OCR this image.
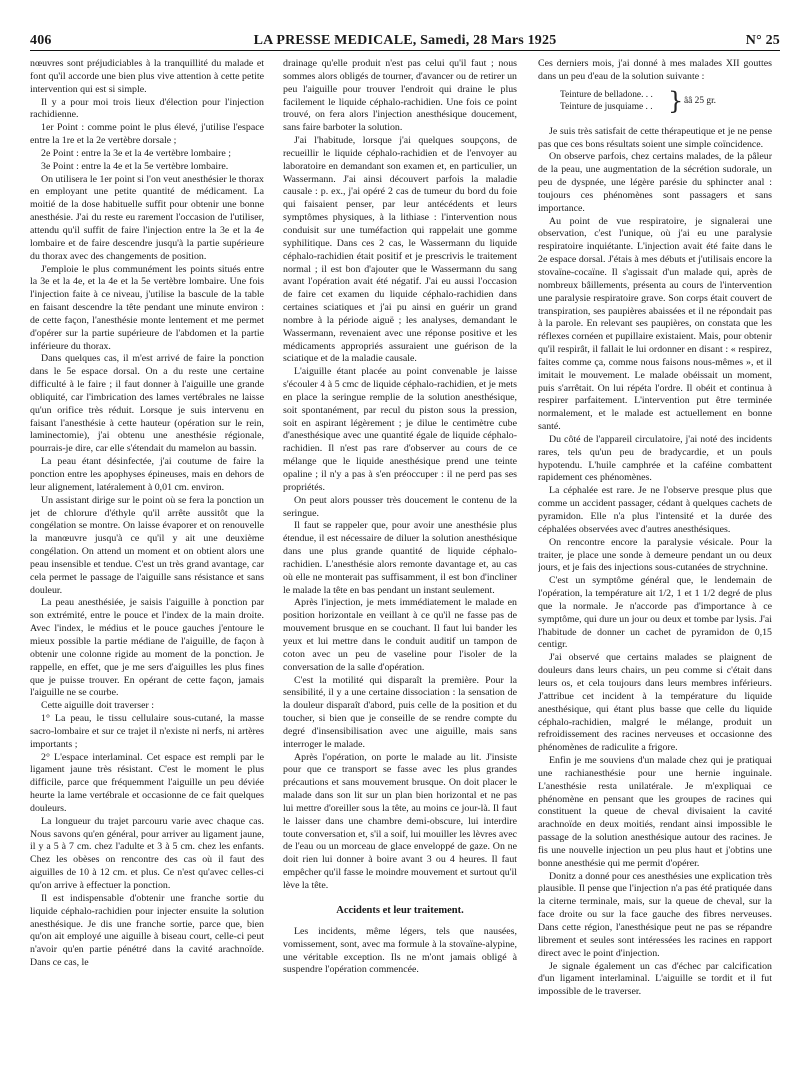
406	LA PRESSE MEDICALE, Samedi, 28 Mars 1925	N° 25

nœuvres sont préjudiciables à la tranquillité du malade et font qu'il accorde une bien plus vive attention à cette petite intervention qui est si simple.

Il y a pour moi trois lieux d'élection pour l'injection rachidienne.

1er Point : comme point le plus élevé, j'utilise l'espace entre la 1re et la 2e vertèbre dorsale ;

2e Point : entre la 3e et la 4e vertèbre lombaire ;

3e Point : entre la 4e et la 5e vertèbre lombaire.

On utilisera le 1er point si l'on veut anesthésier le thorax en employant une petite quantité de médicament. La moitié de la dose habituelle suffit pour obtenir une bonne anesthésie. J'ai du reste eu rarement l'occasion de l'utiliser, attendu qu'il suffit de faire l'injection entre la 3e et la 4e lombaire et de faire descendre jusqu'à la partie supérieure du thorax avec des changements de position.

J'emploie le plus communément les points situés entre la 3e et la 4e, et la 4e et la 5e vertèbre lombaire. Une fois l'injection faite à ce niveau, j'utilise la bascule de la table en faisant descendre la tête pendant une minute environ : de cette façon, l'anesthésie monte lentement et me permet d'opérer sur la partie supérieure de l'abdomen et la partie inférieure du thorax.

Dans quelques cas, il m'est arrivé de faire la ponction dans le 5e espace dorsal. On a du reste une certaine difficulté à le faire ; il faut donner à l'aiguille une grande obliquité, car l'imbrication des lames vertébrales ne laisse qu'un orifice très réduit. Lorsque je suis intervenu en faisant l'anesthésie à cette hauteur (opération sur le rein, laminectomie), j'ai obtenu une anesthésie régionale, pourrais-je dire, car elle s'étendait du mamelon au bassin.

La peau étant désinfectée, j'ai coutume de faire la ponction entre les apophyses épineuses, mais en dehors de leur alignement, latéralement à 0,01 cm. environ.

Un assistant dirige sur le point où se fera la ponction un jet de chlorure d'éthyle qu'il arrête aussitôt que la congélation se montre. On laisse évaporer et on renouvelle la manœuvre jusqu'à ce qu'il y ait une deuxième congélation. On attend un moment et on obtient alors une peau insensible et tendue. C'est un très grand avantage, car cela permet le passage de l'aiguille sans résistance et sans douleur.

La peau anesthésiée, je saisis l'aiguille à ponction par son extrémité, entre le pouce et l'index de la main droite. Avec l'index, le médius et le pouce gauches j'entoure le mieux possible la partie médiane de l'aiguille, de façon à obtenir une colonne rigide au moment de la ponction. Je rappelle, en effet, que je me sers d'aiguilles les plus fines que je puisse trouver. En opérant de cette façon, jamais l'aiguille ne se courbe.

Cette aiguille doit traverser :

1° La peau, le tissu cellulaire sous-cutané, la masse sacro-lombaire et sur ce trajet il n'existe ni nerfs, ni artères importants ;

2° L'espace interlaminal. Cet espace est rempli par le ligament jaune très résistant. C'est le moment le plus difficile, parce que fréquemment l'aiguille un peu déviée heurte la lame vertébrale et occasionne de ce fait quelques douleurs.

La longueur du trajet parcouru varie avec chaque cas. Nous savons qu'en général, pour arriver au ligament jaune, il y a 5 à 7 cm. chez l'adulte et 3 à 5 cm. chez les enfants. Chez les obèses on rencontre des cas où il faut des aiguilles de 10 à 12 cm. et plus. Ce n'est qu'avec celles-ci qu'on arrive à effectuer la ponction.

Il est indispensable d'obtenir une franche sortie du liquide céphalo-rachidien pour injecter ensuite la solution anesthésique. Je dis une franche sortie, parce que, bien qu'on ait employé une aiguille à biseau court, celle-ci peut n'avoir qu'en partie pénétré dans la cavité arachnoïde. Dans ce cas, le

drainage qu'elle produit n'est pas celui qu'il faut ; nous sommes alors obligés de tourner, d'avancer ou de retirer un peu l'aiguille pour trouver l'endroit qui draine le plus facilement le liquide céphalo-rachidien. Une fois ce point trouvé, on fera alors l'injection anesthésique doucement, sans faire barboter la solution.

J'ai l'habitude, lorsque j'ai quelques soupçons, de recueillir le liquide céphalo-rachidien et de l'envoyer au laboratoire en demandant son examen et, en particulier, un Wassermann. J'ai ainsi découvert parfois la maladie causale : p. ex., j'ai opéré 2 cas de tumeur du bord du foie qui faisaient penser, par leur antécédents et leurs symptômes physiques, à la lithiase : l'intervention nous conduisit sur une tuméfaction qui rappelait une gomme syphilitique. Dans ces 2 cas, le Wassermann du liquide céphalo-rachidien était positif et je prescrivis le traitement normal ; il est bon d'ajouter que le Wassermann du sang avant l'opération avait été négatif. J'ai eu aussi l'occasion de faire cet examen du liquide céphalo-rachidien dans certaines sciatiques et j'ai pu ainsi en guérir un grand nombre à la période aiguë ; les analyses, demandant le Wassermann, revenaient avec une réponse positive et les médicaments appropriés assuraient une guérison de la sciatique et de la maladie causale.

L'aiguille étant placée au point convenable je laisse s'écouler 4 à 5 cmc de liquide céphalo-rachidien, et je mets en place la seringue remplie de la solution anesthésique, soit spontanément, par recul du piston sous la pression, soit en aspirant légèrement ; je dilue le centimètre cube d'anesthésique avec une quantité égale de liquide céphalo-rachidien. Il n'est pas rare d'observer au cours de ce mélange que le liquide anesthésique prend une teinte opaline ; il n'y a pas à s'en préoccuper : il ne perd pas ses propriétés.

On peut alors pousser très doucement le contenu de la seringue.

Il faut se rappeler que, pour avoir une anesthésie plus étendue, il est nécessaire de diluer la solution anesthésique dans une plus grande quantité de liquide céphalo-rachidien. L'anesthésie alors remonte davantage et, au cas où elle ne monterait pas suffisamment, il est bon d'incliner le malade la tête en bas pendant un instant seulement.

Après l'injection, je mets immédiatement le malade en position horizontale en veillant à ce qu'il ne fasse pas de mouvement brusque en se couchant. Il faut lui bander les yeux et lui mettre dans le conduit auditif un tampon de coton avec un peu de vaseline pour l'isoler de la conversation de la salle d'opération.

C'est la motilité qui disparaît la première. Pour la sensibilité, il y a une certaine dissociation : la sensation de la douleur disparaît d'abord, puis celle de la position et du toucher, si bien que je conseille de se rendre compte du degré d'insensibilisation avec une aiguille, mais sans interroger le malade.

Après l'opération, on porte le malade au lit. J'insiste pour que ce transport se fasse avec les plus grandes précautions et sans mouvement brusque. On doit placer le malade dans son lit sur un plan bien horizontal et ne pas lui mettre d'oreiller sous la tête, au moins ce jour-là. Il faut le laisser dans une chambre demi-obscure, lui interdire toute conversation et, s'il a soif, lui mouiller les lèvres avec de l'eau ou un morceau de glace enveloppé de gaze. On ne doit rien lui donner à boire avant 3 ou 4 heures. Il faut empêcher qu'il fasse le moindre mouvement et surtout qu'il lève la tête.

Accidents et leur traitement.

Les incidents, même légers, tels que nausées, vomissement, sont, avec ma formule à la stovaïne-alypine, une véritable exception. Ils ne m'ont jamais obligé à suspendre l'opération commencée.

Ces derniers mois, j'ai donné à mes malades XII gouttes dans un peu d'eau de la solution suivante :

Teinture de belladone. . .
Teinture de jusquiame . . } ââ 25 gr.

Je suis très satisfait de cette thérapeutique et je ne pense pas que ces bons résultats soient une simple coïncidence.

On observe parfois, chez certains malades, de la pâleur de la peau, une augmentation de la sécrétion sudorale, un peu de dyspnée, une légère parésie du sphincter anal : toujours ces phénomènes sont passagers et sans importance.

Au point de vue respiratoire, je signalerai une observation, c'est l'unique, où j'ai eu une paralysie respiratoire inquiétante. L'injection avait été faite dans le 2e espace dorsal. J'étais à mes débuts et j'utilisais encore la stovaïne-cocaïne. Il s'agissait d'un malade qui, après de nombreux bâillements, présenta au cours de l'intervention une paralysie respiratoire grave. Son corps était couvert de transpiration, ses paupières abaissées et il ne répondait pas à la parole. En relevant ses paupières, on constata que les réflexes cornéen et pupillaire existaient. Mais, pour obtenir qu'il respirât, il fallait le lui ordonner en disant : « respirez, faites comme ça, comme nous faisons nous-mêmes », et il imitait le mouvement. Le malade obéissait un moment, puis s'arrêtait. On lui répéta l'ordre. Il obéit et continua à respirer parfaitement. L'intervention put être terminée normalement, et le malade est actuellement en bonne santé.

Du côté de l'appareil circulatoire, j'ai noté des incidents rares, tels qu'un peu de bradycardie, et un pouls hypotendu. L'huile camphrée et la caféine combattent rapidement ces phénomènes.

La céphalée est rare. Je ne l'observe presque plus que comme un accident passager, cédant à quelques cachets de pyramidon. Elle n'a plus l'intensité et la durée des céphalées observées avec d'autres anesthésiques.

On rencontre encore la paralysie vésicale. Pour la traiter, je place une sonde à demeure pendant un ou deux jours, et je fais des injections sous-cutanées de strychnine.

C'est un symptôme général que, le lendemain de l'opération, la température ait 1/2, 1 et 1 1/2 degré de plus que la normale. Je n'accorde pas d'importance à ce symptôme, qui dure un jour ou deux et tombe par lysis. J'ai l'habitude de donner un cachet de pyramidon de 0,15 centigr.

J'ai observé que certains malades se plaignent de douleurs dans leurs chairs, un peu comme si c'était dans leurs os, et cela toujours dans leurs membres inférieurs. J'attribue cet incident à la température du liquide anesthésique, qui étant plus basse que celle du liquide céphalo-rachidien, malgré le mélange, produit un refroidissement des racines nerveuses et occasionne des phénomènes de radiculite a frigore.

Enfin je me souviens d'un malade chez qui je pratiquai une rachianesthésie pour une hernie inguinale. L'anesthésie resta unilatérale. Je m'expliquai ce phénomène en pensant que les groupes de racines qui constituent la queue de cheval divisaient la cavité arachnoïde en deux moitiés, rendant ainsi impossible le passage de la solution anesthésique autour des racines. Je fis une nouvelle injection un peu plus haut et j'obtins une bonne anesthésie qui me permit d'opérer.

Donitz a donné pour ces anesthésies une explication très plausible. Il pense que l'injection n'a pas été pratiquée dans la citerne terminale, mais, sur la queue de cheval, sur la face droite ou sur la face gauche des fibres nerveuses. Dans cette région, l'anesthésique peut ne pas se répandre librement et seules sont intéressées les racines en rapport direct avec le point d'injection.

Je signale également un cas d'échec par calcification d'un ligament interlaminal. L'aiguille se tordit et il fut impossible de le traverser.
